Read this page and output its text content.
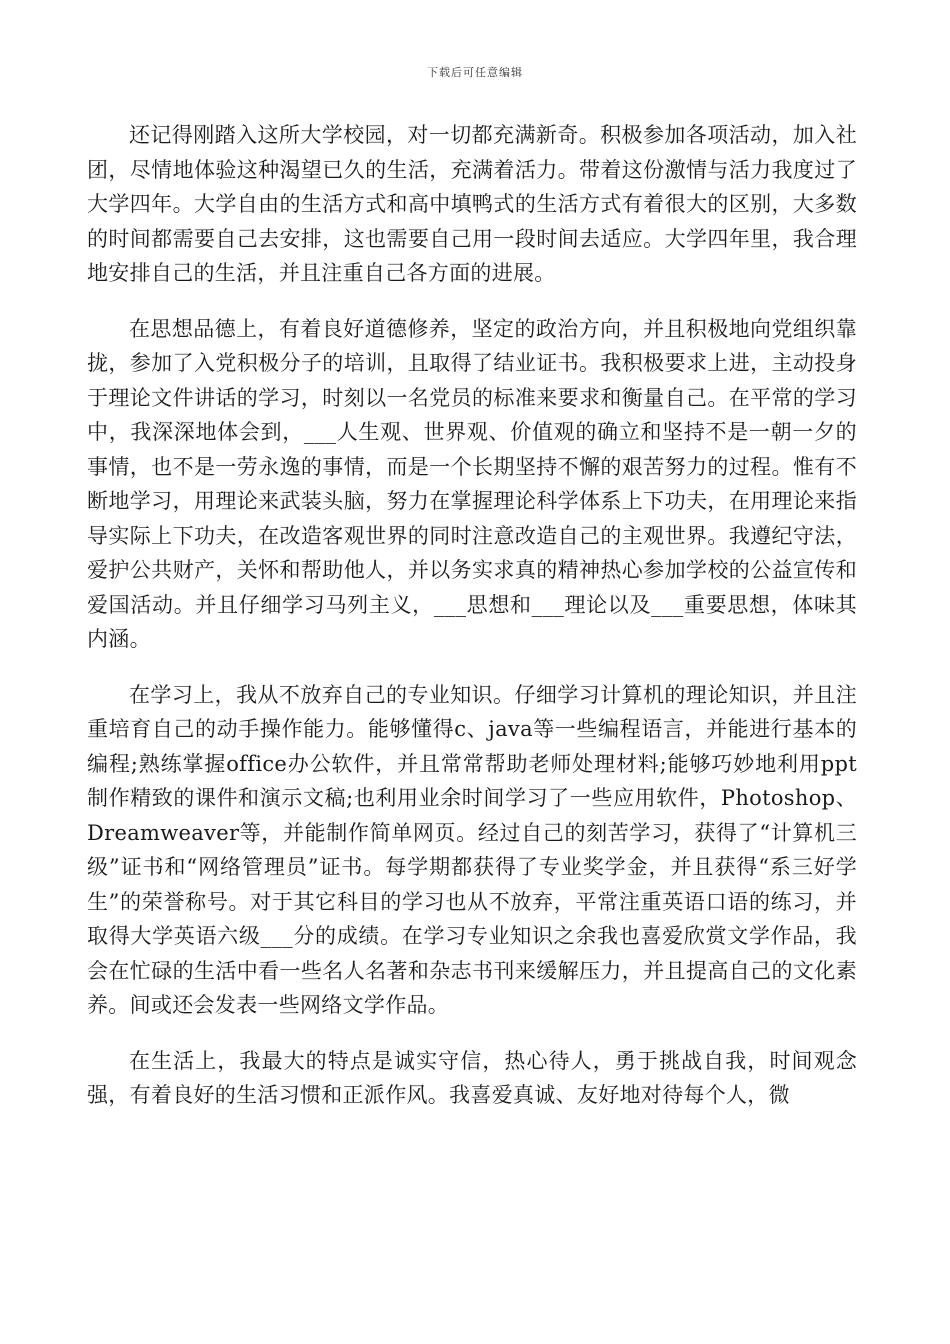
下载后可任意编辑

还记得刚踏入这所大学校园，对一切都充满新奇。积极参加各项活动，加入社团，尽情地体验这种渴望已久的生活，充满着活力。带着这份激情与活力我度过了大学四年。大学自由的生活方式和高中填鸭式的生活方式有着很大的区别，大多数的时间都需要自己去安排，这也需要自己用一段时间去适应。大学四年里，我合理地安排自己的生活，并且注重自己各方面的进展。

在思想品德上，有着良好道德修养，坚定的政治方向，并且积极地向党组织靠拢，参加了入党积极分子的培训，且取得了结业证书。我积极要求上进，主动投身于理论文件讲话的学习，时刻以一名党员的标准来要求和衡量自己。在平常的学习中，我深深地体会到，___人生观、世界观、价值观的确立和坚持不是一朝一夕的事情，也不是一劳永逸的事情，而是一个长期坚持不懈的艰苦努力的过程。惟有不断地学习，用理论来武装头脑，努力在掌握理论科学体系上下功夫，在用理论来指导实际上下功夫，在改造客观世界的同时注意改造自己的主观世界。我遵纪守法，爱护公共财产，关怀和帮助他人，并以务实求真的精神热心参加学校的公益宣传和爱国活动。并且仔细学习马列主义，___思想和___理论以及___重要思想，体味其内涵。

在学习上，我从不放弃自己的专业知识。仔细学习计算机的理论知识，并且注重培育自己的动手操作能力。能够懂得c、java等一些编程语言，并能进行基本的编程;熟练掌握office办公软件，并且常常帮助老师处理材料;能够巧妙地利用ppt制作精致的课件和演示文稿;也利用业余时间学习了一些应用软件，Photoshop、Dreamweaver等，并能制作简单网页。经过自己的刻苦学习，获得了“计算机三级”证书和“网络管理员”证书。每学期都获得了专业奖学金，并且获得“系三好学生”的荣誉称号。对于其它科目的学习也从不放弃，平常注重英语口语的练习，并取得大学英语六级___分的成绩。在学习专业知识之余我也喜爱欣赏文学作品，我会在忙碌的生活中看一些名人名著和杂志书刊来缓解压力，并且提高自己的文化素养。间或还会发表一些网络文学作品。

在生活上，我最大的特点是诚实守信，热心待人，勇于挑战自我，时间观念强，有着良好的生活习惯和正派作风。我喜爱真诚、友好地对待每个人，微
